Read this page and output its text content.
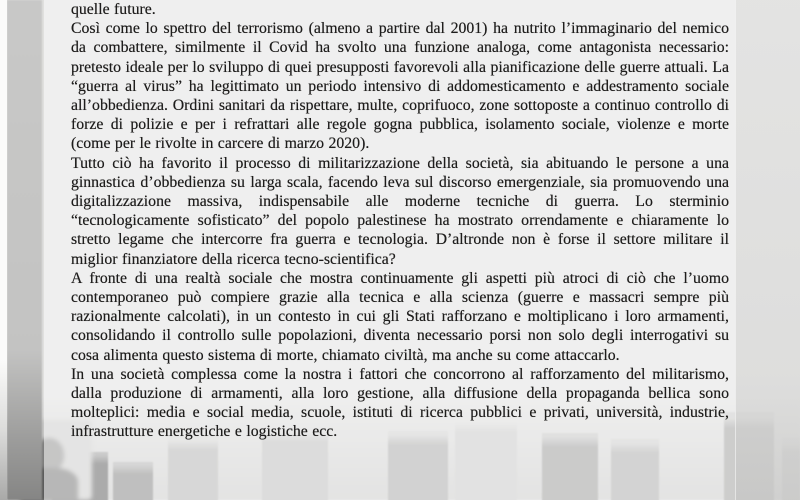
quelle future.

Così come lo spettro del terrorismo (almeno a partire dal 2001) ha nutrito l’immaginario del nemico da combattere, similmente il Covid ha svolto una funzione analoga, come antagonista necessario: pretesto ideale per lo sviluppo di quei presupposti favorevoli alla pianificazione delle guerre attuali. La “guerra al virus” ha legittimato un periodo intensivo di addomesticamento e addestramento sociale all’obbedienza. Ordini sanitari da rispettare, multe, coprifuoco, zone sottoposte a continuo controllo di forze di polizie e per i refrattari alle regole gogna pubblica, isolamento sociale, violenze e morte (come per le rivolte in carcere di marzo 2020).

Tutto ciò ha favorito il processo di militarizzazione della società, sia abituando le persone a una ginnastica d’obbedienza su larga scala, facendo leva sul discorso emergenziale, sia promuovendo una digitalizzazione massiva, indispensabile alle moderne tecniche di guerra. Lo sterminio “tecnologicamente sofisticato” del popolo palestinese ha mostrato orrendamente e chiaramente lo stretto legame che intercorre fra guerra e tecnologia. D’altronde non è forse il settore militare il miglior finanziatore della ricerca tecno-scientifica?

A fronte di una realtà sociale che mostra continuamente gli aspetti più atroci di ciò che l’uomo contemporaneo può compiere grazie alla tecnica e alla scienza (guerre e massacri sempre più razionalmente calcolati), in un contesto in cui gli Stati rafforzano e moltiplicano i loro armamenti, consolidando il controllo sulle popolazioni, diventa necessario porsi non solo degli interrogativi su cosa alimenta questo sistema di morte, chiamato civiltà, ma anche su come attaccarlo.

In una società complessa come la nostra i fattori che concorrono al rafforzamento del militarismo, dalla produzione di armamenti, alla loro gestione, alla diffusione della propaganda bellica sono molteplici: media e social media, scuole, istituti di ricerca pubblici e privati, università, industrie, infrastrutture energetiche e logistiche ecc.
